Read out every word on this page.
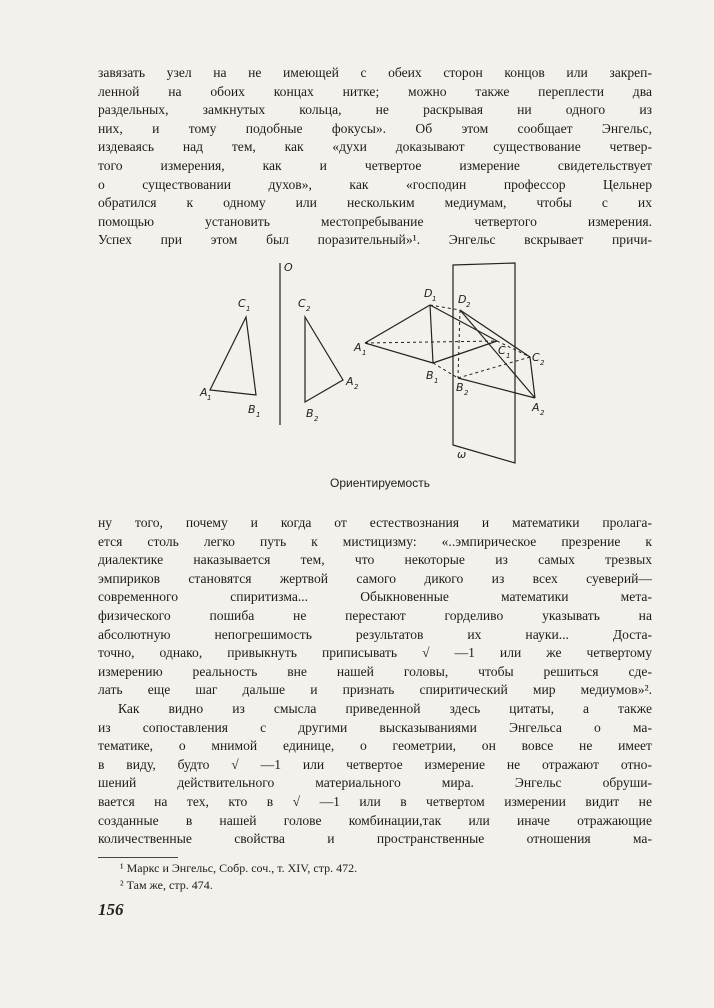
завязать узел на не имеющей с обеих сторон концов или закреп-
ленной на обоих концах нитке; можно также переплести два
раздельных, замкнутых кольца, не раскрывая ни одного из
них, и тому подобные фокусы». Об этом сообщает Энгельс,
издеваясь над тем, как «духи доказывают существование четвер-
того измерения, как и четвертое измерение свидетельствует
о существовании духов», как «господин профессор Цельнер
обратился к одному или нескольким медиумам, чтобы с их
помощью установить местопребывание четвертого измерения.
Успех при этом был поразительный»¹. Энгельс вскрывает причи-

O
C 1
A 1
B 1
C 2
A 2
B 2
A 1
D 1 D 2
B 1 B 2
C 1 C 2
A 2
ω
Ориентируемость

ну того, почему и когда от естествознания и математики пролага-
ется столь легко путь к мистицизму: «..эмпирическое презрение к
диалектике наказывается тем, что некоторые из самых трезвых
эмпириков становятся жертвой самого дикого из всех суеверий—
современного спиритизма... Обыкновенные математики мета-
физического пошиба не перестают горделиво указывать на
абсолютную непогрешимость результатов их науки... Доста-
точно, однако, привыкнуть приписывать √ —1 или же четвертому
измерению реальность вне нашей головы, чтобы решиться сде-
лать еще шаг дальше и признать спиритический мир медиумов»².

Как видно из смысла приведенной здесь цитаты, а также
из сопоставления с другими высказываниями Энгельса о ма-
тематике, о мнимой единице, о геометрии, он вовсе не имеет
в виду, будто √ —1 или четвертое измерение не отражают отно-
шений действительного материального мира. Энгельс обруши-
вается на тех, кто в √ —1 или в четвертом измерении видит не
созданные в нашей голове комбинации,так или иначе отражающие
количественные свойства и пространственные отношения ма-

¹ Маркс и Энгельс, Собр. соч., т. XIV, стр. 472.
² Там же, стр. 474.
156
